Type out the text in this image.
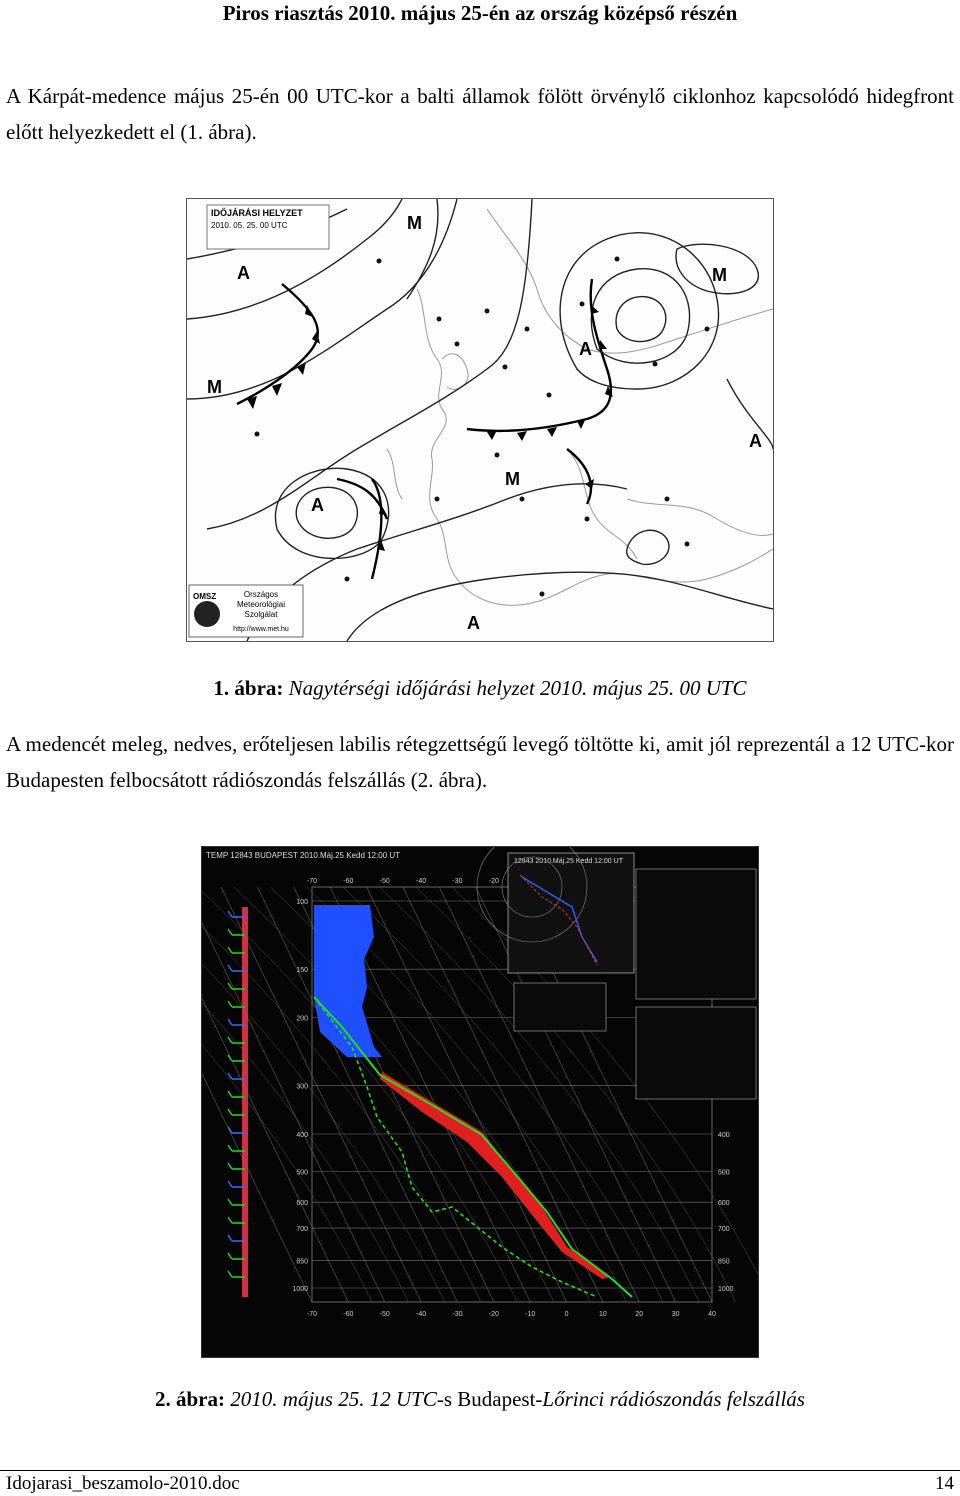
Piros riasztás 2010. május 25-én az ország középső részén
A Kárpát-medence május 25-én 00 UTC-kor a balti államok fölött örvénylő ciklonhoz kapcsolódó hidegfront előtt helyezkedett el (1. ábra).
IDŐJÁRÁSI HELYZET
2010. 05. 25. 00 UTC
A
M
A
M
A
M
A
A
M
OMSZ	Országos
Meteorológiai
Szolgálat
http://www.met.hu
1. ábra: Nagytérségi időjárási helyzet 2010. május 25. 00 UTC
A medencét meleg, nedves, erőteljesen labilis rétegzettségű levegő töltötte ki, amit jól reprezentál a 12 UTC-kor Budapesten felbocsátott rádiószondás felszállás (2. ábra).
TEMP 12843 BUDAPEST 2010.Máj.25 Kedd 12:00 UT
100
150
200
300
400	400
500	500
600	600
700	700
850	850
1000	1000
-70
-70
-60
-60
-50
-50
-40
-40
-30
-30
-20
-20
-10	0	10	20	30	40
12843 2010.Máj.25 Kedd 12:00 UT
2. ábra: 2010. május 25. 12 UTC-s Budapest-Lőrinci rádiószondás felszállás
Idojarasi_beszamolo-2010.doc	14
